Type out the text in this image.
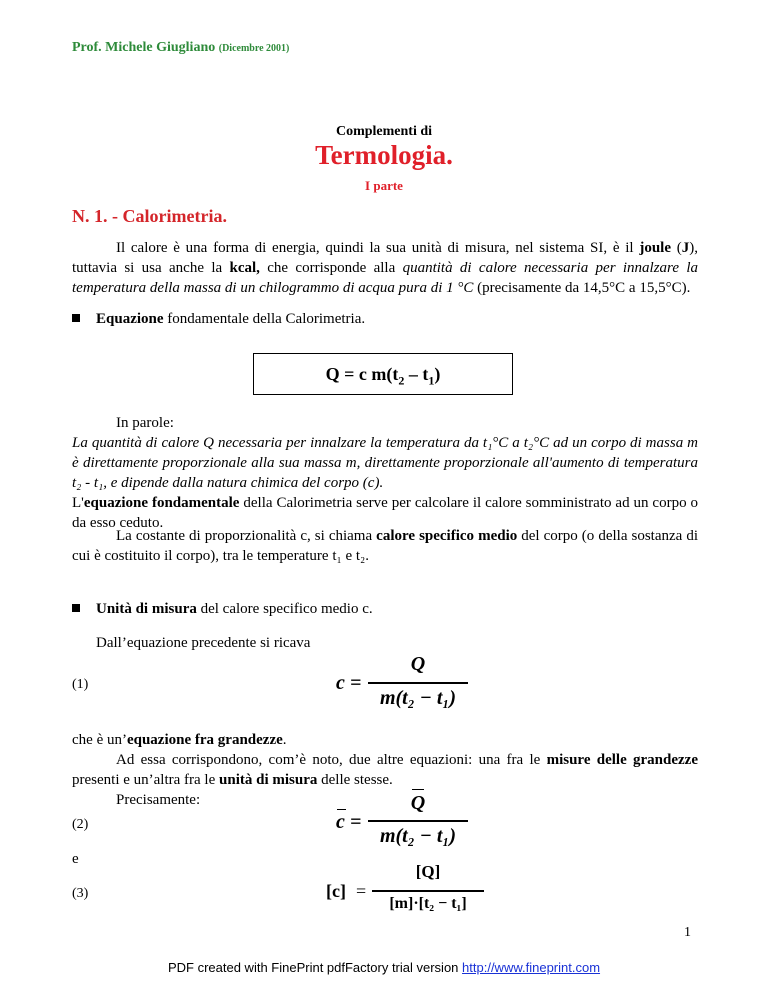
Prof. Michele Giugliano (Dicembre 2001)
Complementi di
Termologia.
I parte
N. 1. - Calorimetria.

Il calore è una forma di energia, quindi la sua unità di misura, nel sistema SI, è il joule (J), tuttavia si usa anche la kcal, che corrisponde alla quantità di calore necessaria per innalzare la temperatura della massa di un chilogrammo di acqua pura di 1 °C (precisamente da 14,5°C a 15,5°C).

Equazione fondamentale della Calorimetria.

Q = c $m(t_2 - t_1)$

In parole:
La quantità di calore Q necessaria per innalzare la temperatura da t₁°C a t₂°C ad un corpo di massa m è direttamente proporzionale alla sua massa m, direttamente proporzionale all'aumento di temperatura t₂ - t₁, e dipende dalla natura chimica del corpo (c).
L'equazione fondamentale della Calorimetria serve per calcolare il calore somministrato ad un corpo o da esso ceduto.

La costante di proporzionalità c, si chiama calore specifico medio del corpo (o della sostanza di cui è costituito il corpo), tra le temperature t₁ e t₂.

Unità di misura del calore specifico medio c.

Dall’equazione precedente si ricava

(1)	c =
Q
m(t₂ − t₁)

che è un’equazione fra grandezze.
Ad essa corrispondono, com’è noto, due altre equazioni: una fra le misure delle grandezze presenti e un’altra fra le unità di misura delle stesse.
Precisamente:

(2)	c =
Q
m(t₂ − t₁)
e
(3)	[c] =
[Q]
[m]·[t₂ − t₁]
1
PDF created with FinePrint pdfFactory trial version http://www.fineprint.com
